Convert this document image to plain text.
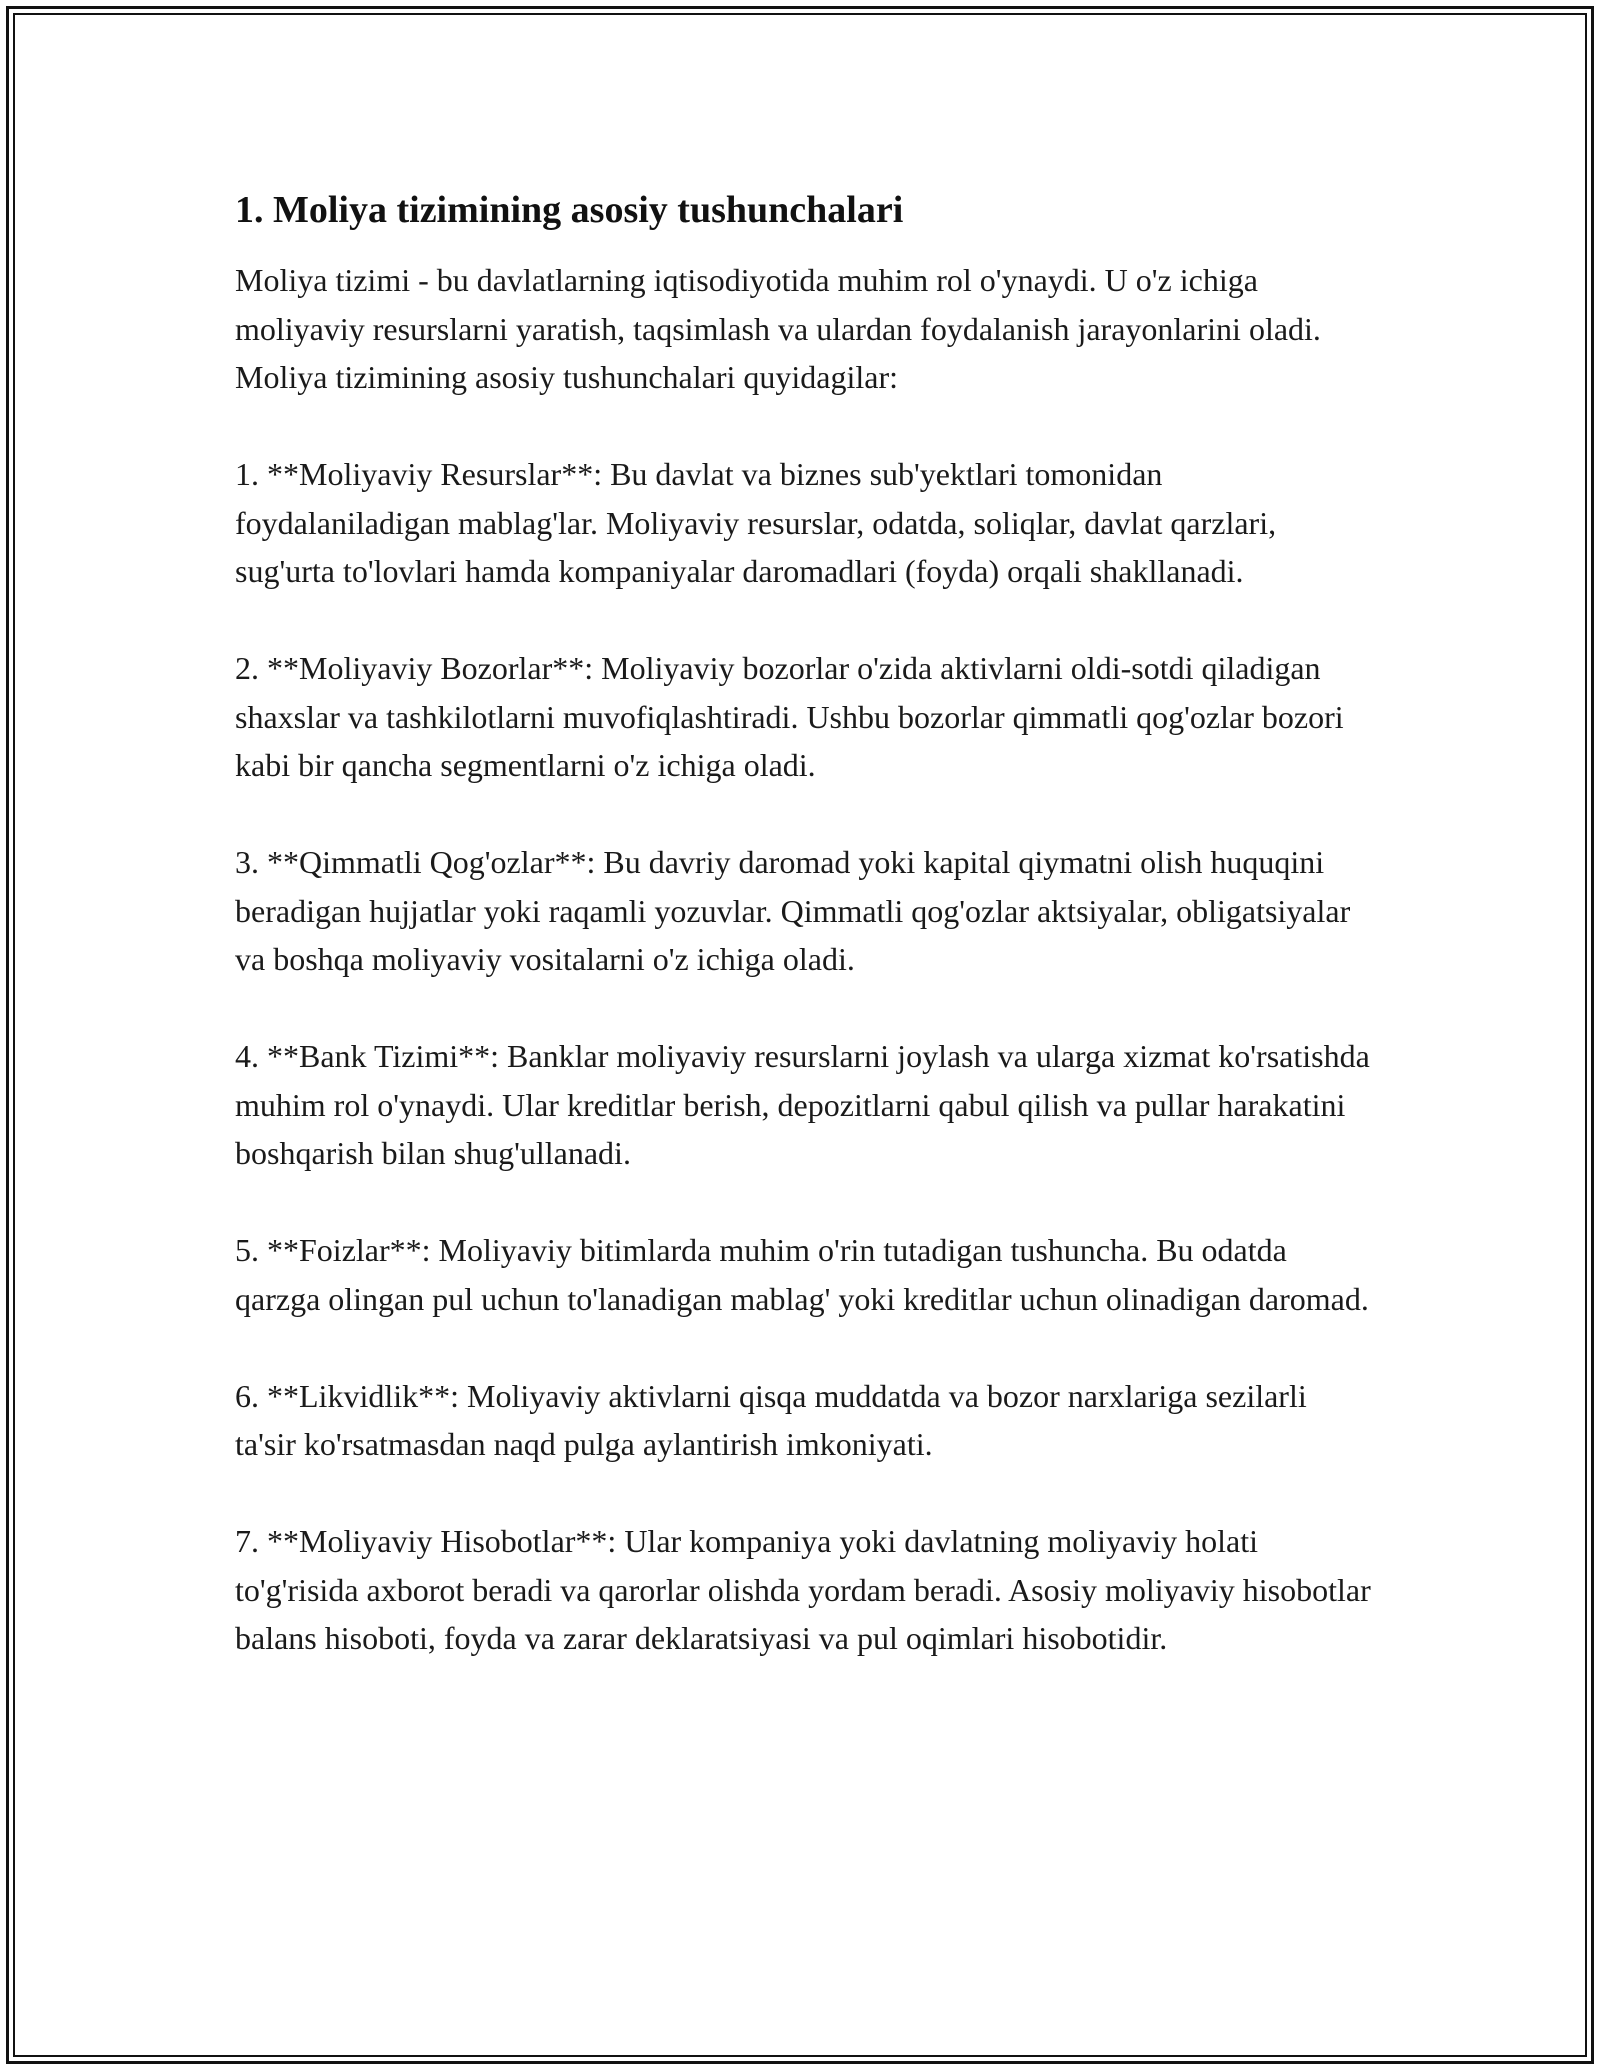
1. Moliya tizimining asosiy tushunchalari

Moliya tizimi - bu davlatlarning iqtisodiyotida muhim rol o'ynaydi. U o'z ichiga moliyaviy resurslarni yaratish, taqsimlash va ulardan foydalanish jarayonlarini oladi. Moliya tizimining asosiy tushunchalari quyidagilar:

1. **Moliyaviy Resurslar**: Bu davlat va biznes sub'yektlari tomonidan foydalaniladigan mablag'lar. Moliyaviy resurslar, odatda, soliqlar, davlat qarzlari, sug'urta to'lovlari hamda kompaniyalar daromadlari (foyda) orqali shakllanadi.

2. **Moliyaviy Bozorlar**: Moliyaviy bozorlar o'zida aktivlarni oldi-sotdi qiladigan shaxslar va tashkilotlarni muvofiqlashtiradi. Ushbu bozorlar qimmatli qog'ozlar bozori kabi bir qancha segmentlarni o'z ichiga oladi.

3. **Qimmatli Qog'ozlar**: Bu davriy daromad yoki kapital qiymatni olish huquqini beradigan hujjatlar yoki raqamli yozuvlar. Qimmatli qog'ozlar aktsiyalar, obligatsiyalar va boshqa moliyaviy vositalarni o'z ichiga oladi.

4. **Bank Tizimi**: Banklar moliyaviy resurslarni joylash va ularga xizmat ko'rsatishda muhim rol o'ynaydi. Ular kreditlar berish, depozitlarni qabul qilish va pullar harakatini boshqarish bilan shug'ullanadi.

5. **Foizlar**: Moliyaviy bitimlarda muhim o'rin tutadigan tushuncha. Bu odatda qarzga olingan pul uchun to'lanadigan mablag' yoki kreditlar uchun olinadigan daromad.

6. **Likvidlik**: Moliyaviy aktivlarni qisqa muddatda va bozor narxlariga sezilarli ta'sir ko'rsatmasdan naqd pulga aylantirish imkoniyati.

7. **Moliyaviy Hisobotlar**: Ular kompaniya yoki davlatning moliyaviy holati to'g'risida axborot beradi va qarorlar olishda yordam beradi. Asosiy moliyaviy hisobotlar balans hisoboti, foyda va zarar deklaratsiyasi va pul oqimlari hisobotidir.
